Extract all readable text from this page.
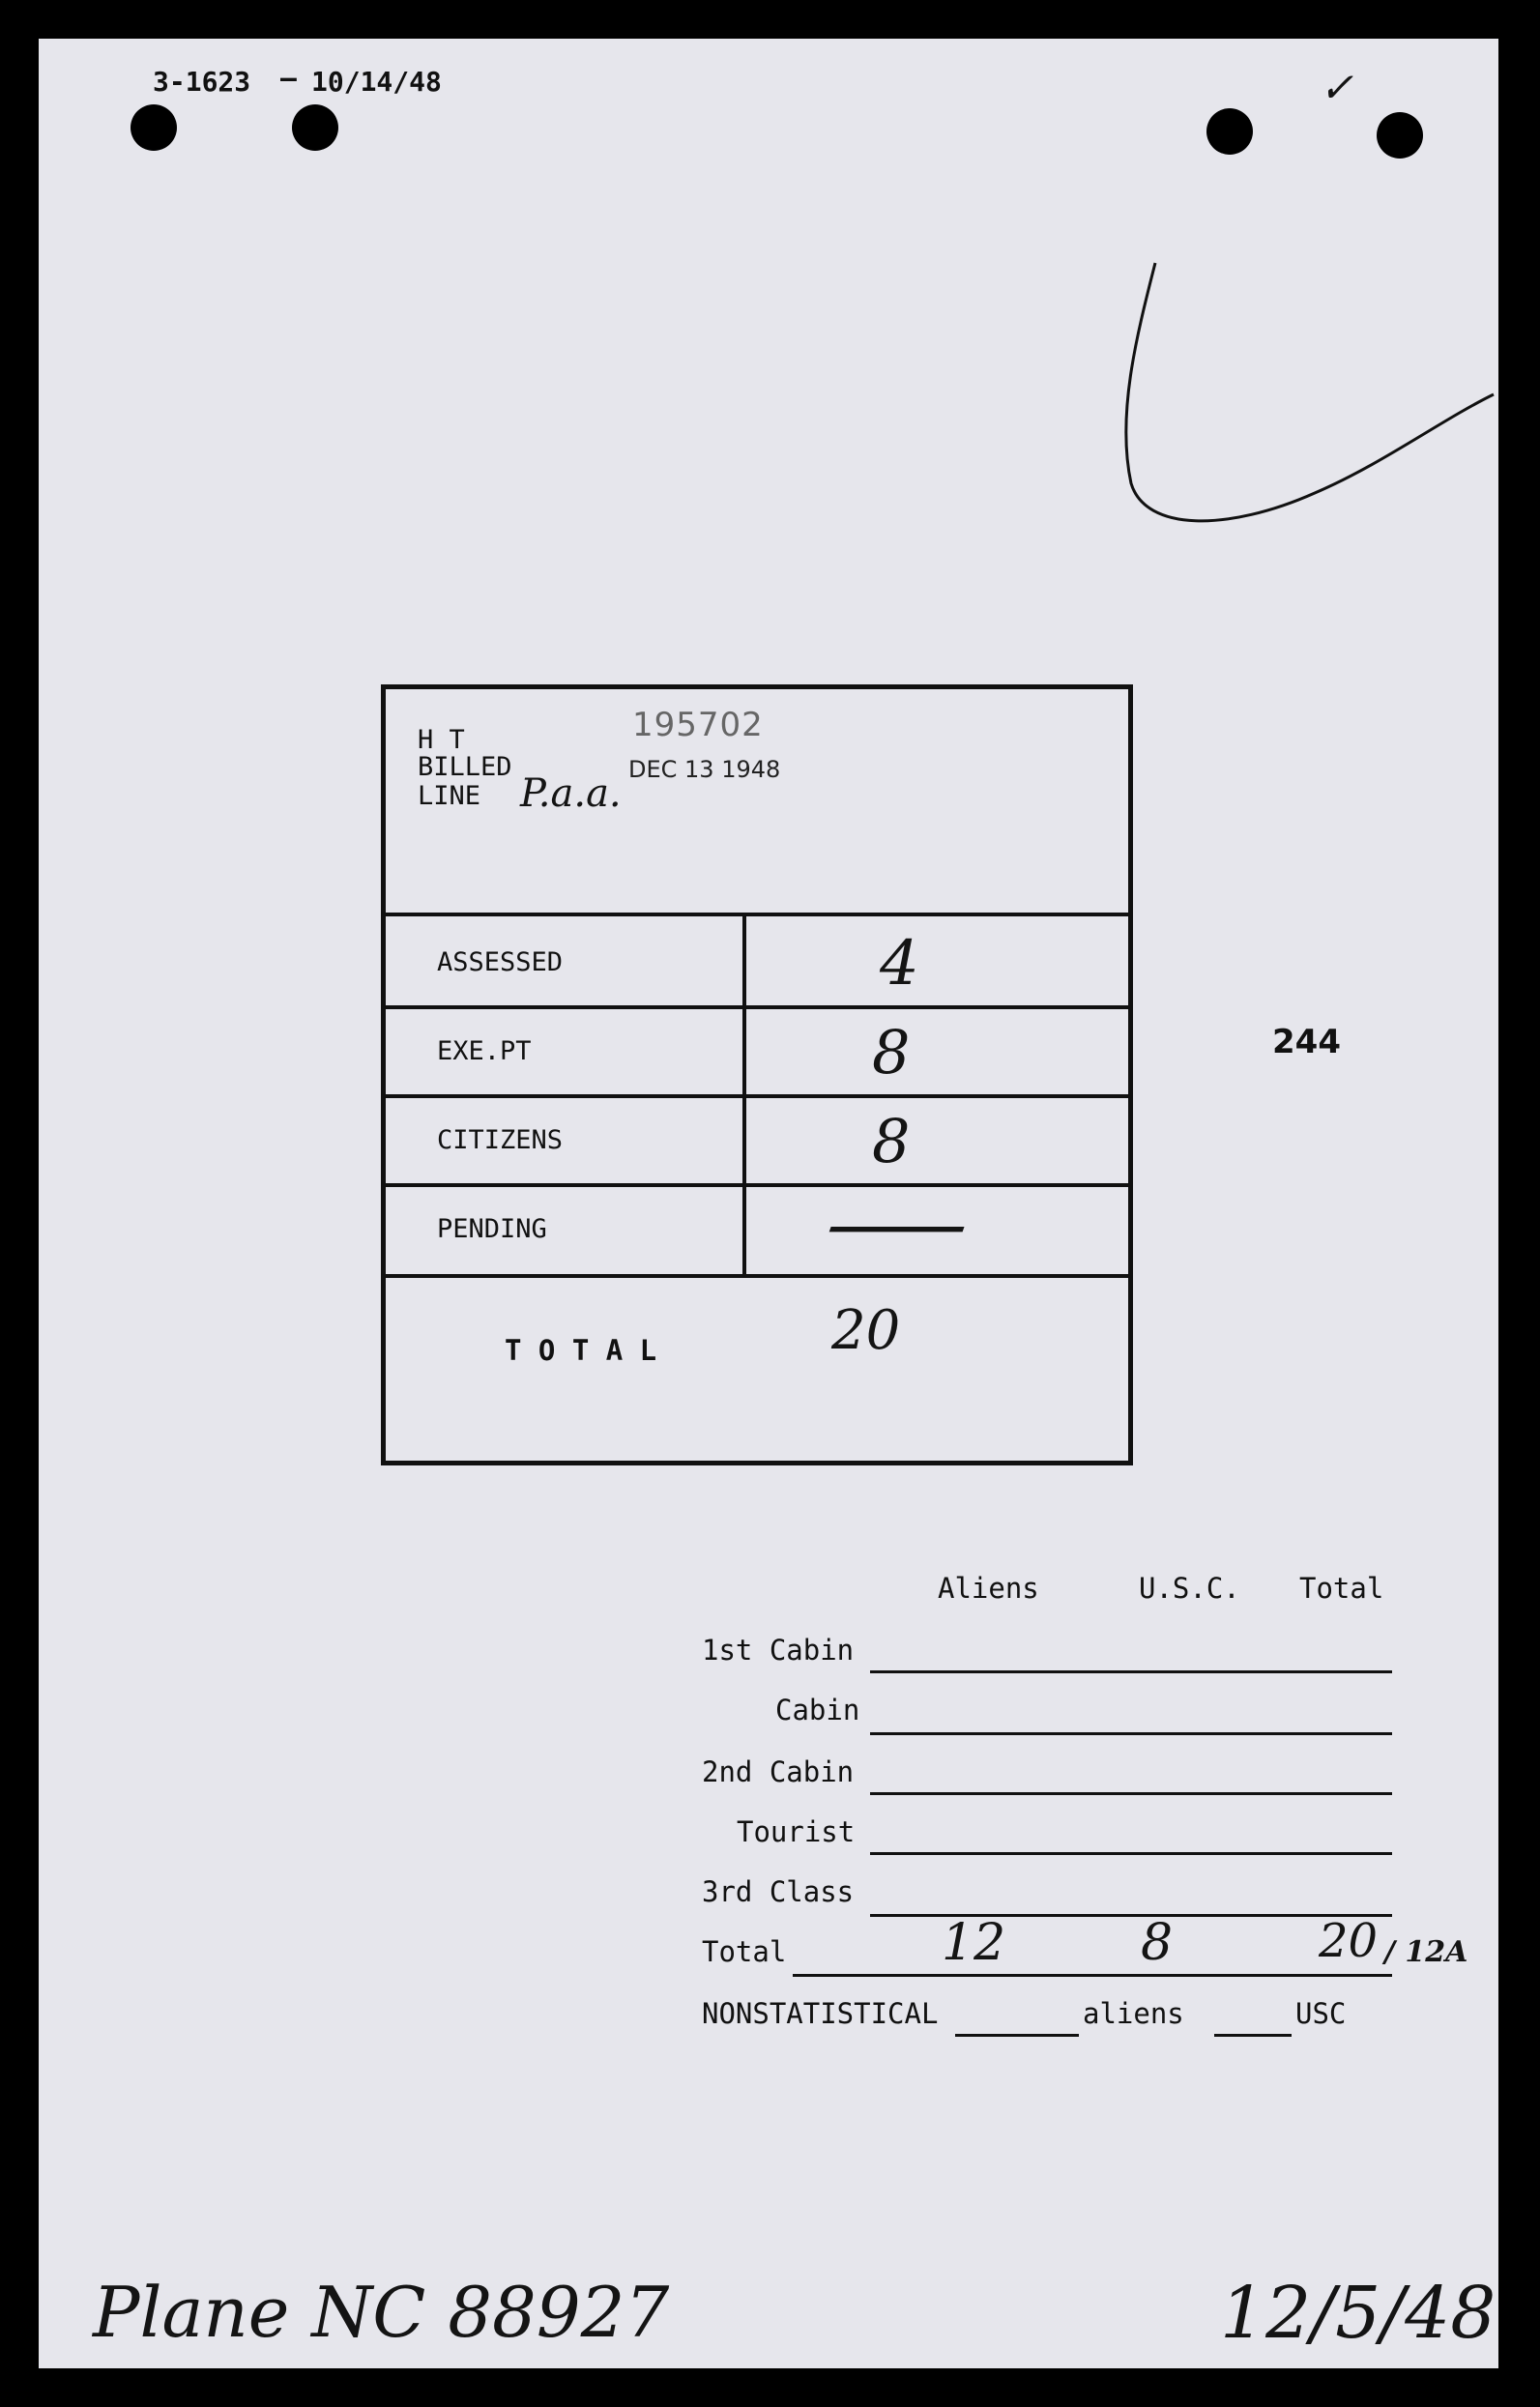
3-1623 — 10/14/48	✓
H T
BILLED
LINE P.a.a.
195702
DEC 13 1948
ASSESSED	4
EXE.PT	8
CITIZENS	8
PENDING	—
T O T A L	20
244
Aliens	U.S.C. Total
1st Cabin
Cabin
2nd Cabin
Tourist
3rd Class
Total	12	8	20 / 12A
NONSTATISTICAL	aliens	USC
Plane NC 88927	12/5/48
